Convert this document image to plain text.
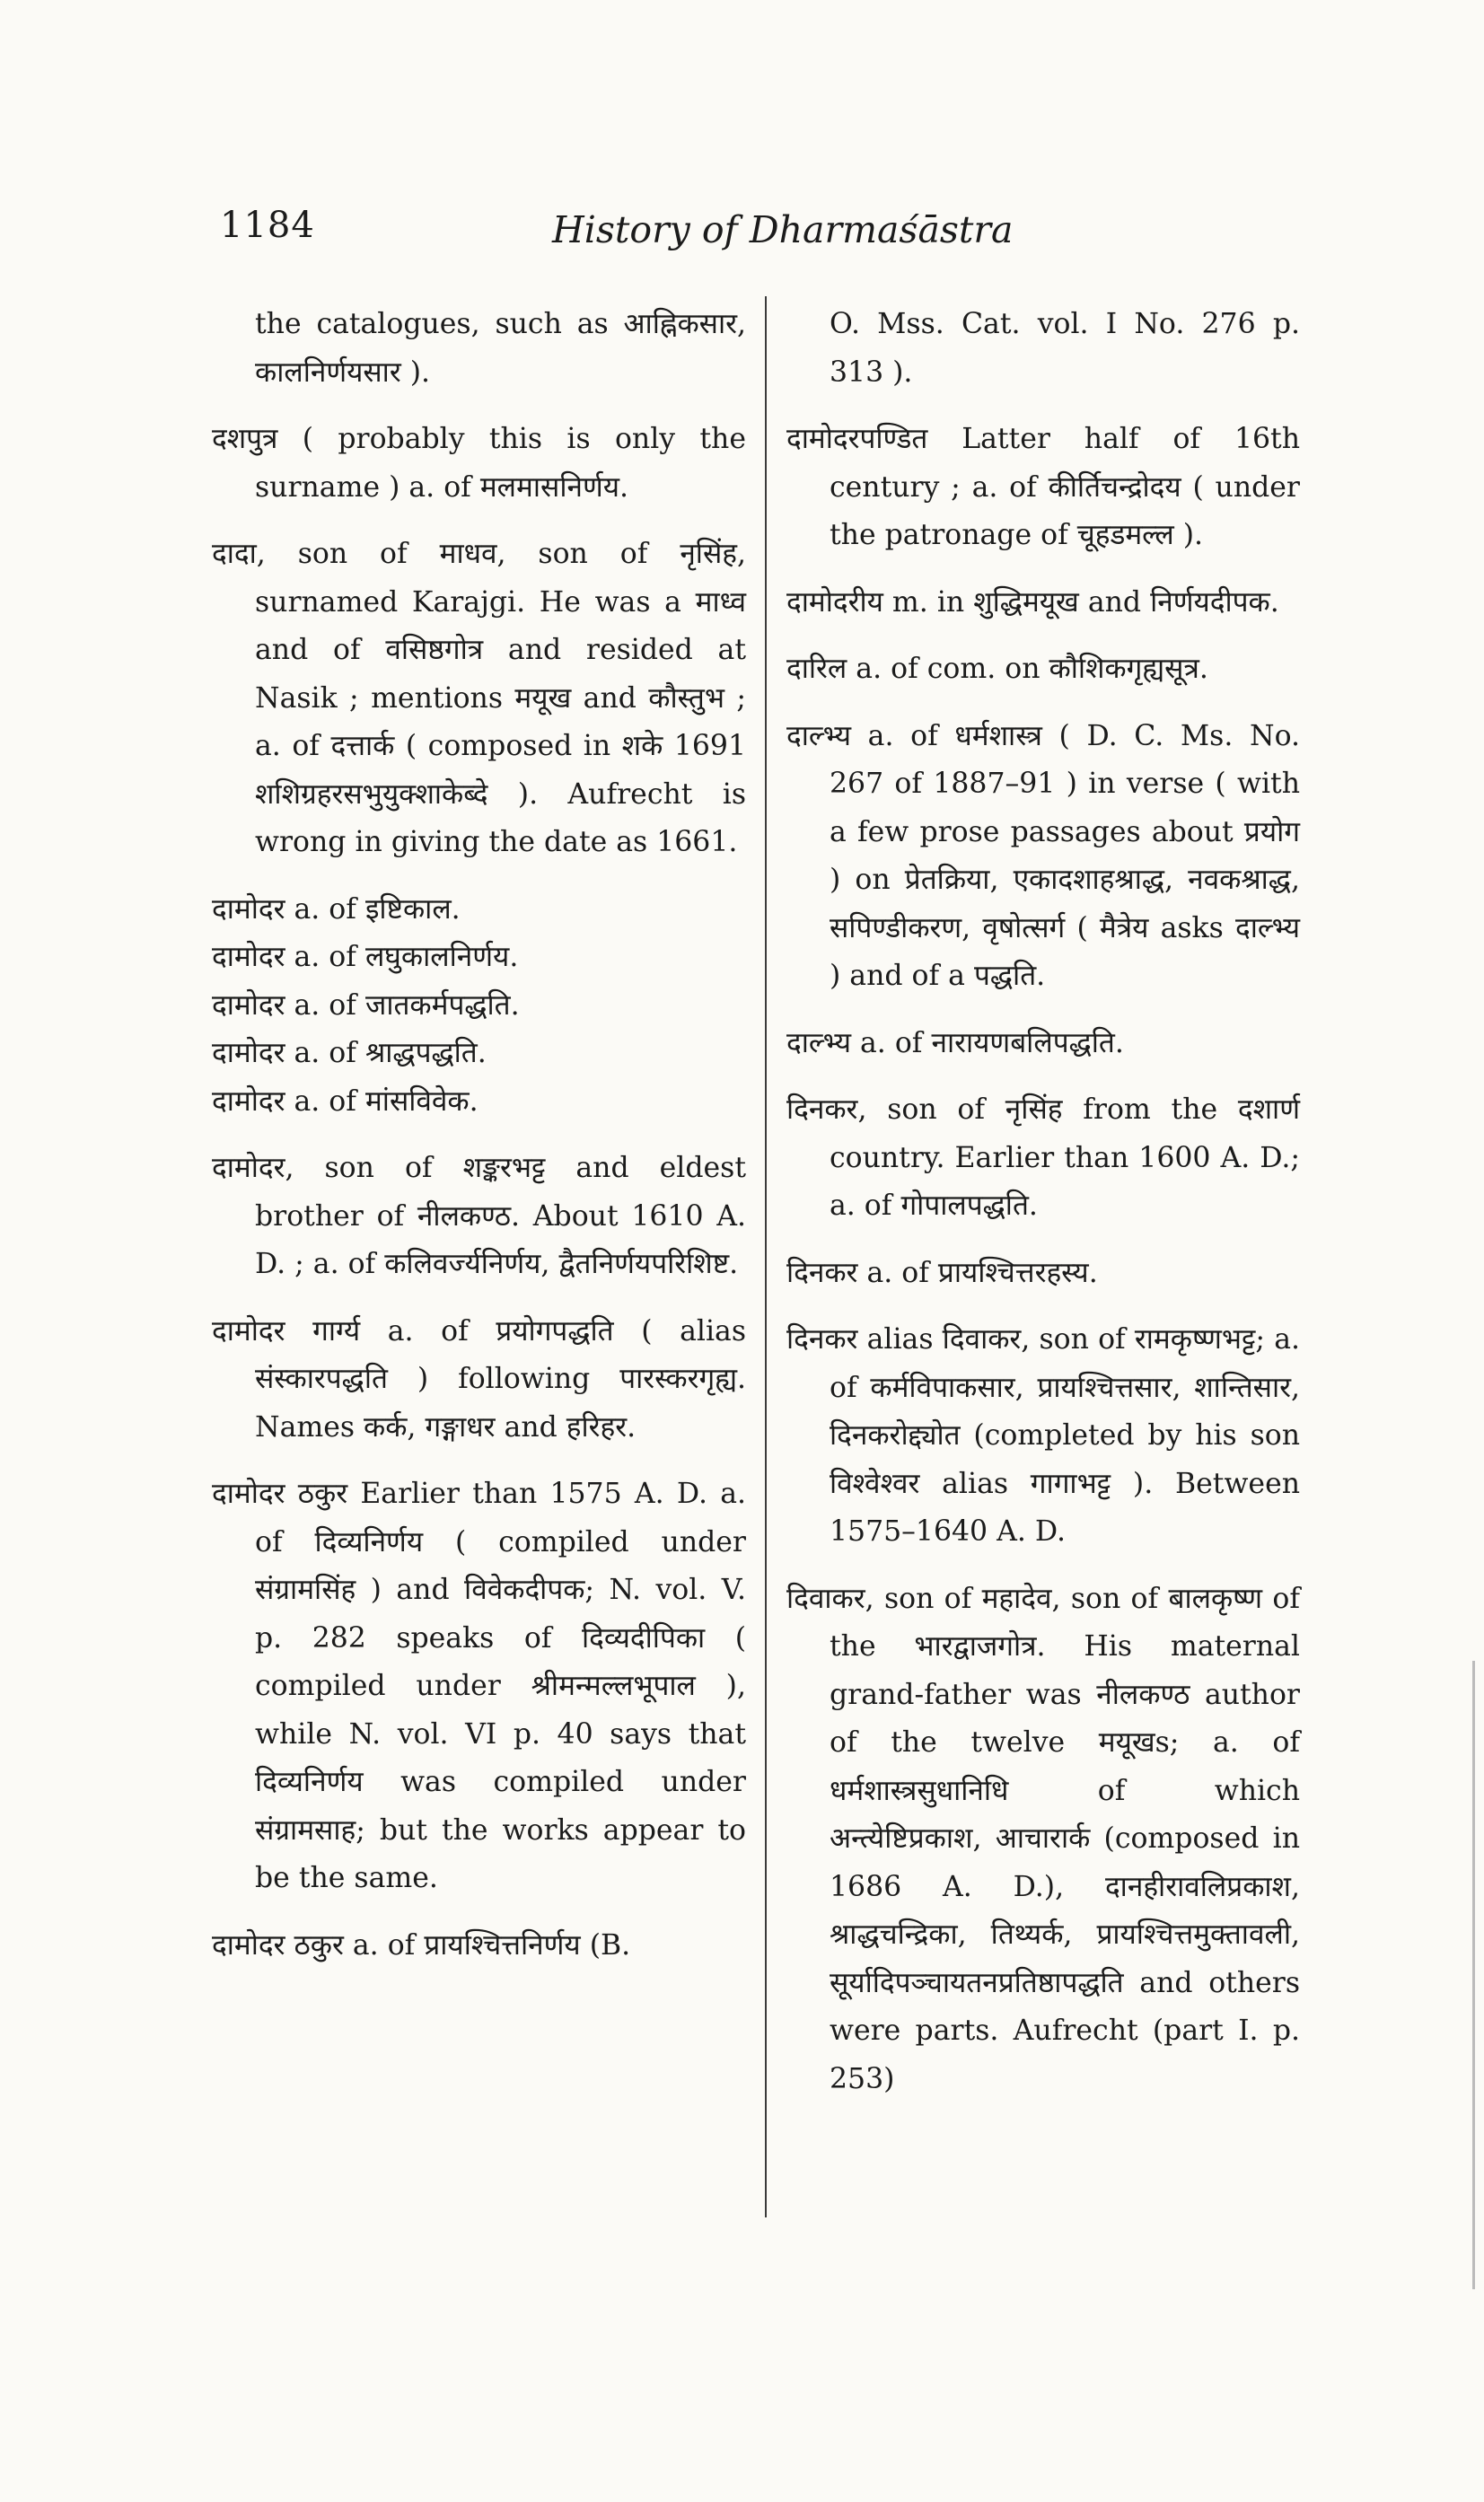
1184	History of Dharmaśāstra

the catalogues, such as आह्निकसार, कालनिर्णयसार ).

दशपुत्र ( probably this is only the surname ) a. of मलमासनिर्णय.

दादा, son of माधव, son of नृसिंह, surnamed Karajgi. He was a माध्व and of वसिष्ठगोत्र and resided at Nasik ; mentions मयूख and कौस्तुभ ; a. of दत्तार्क ( composed in शके 1691 शशिग्रहरसभुयुक्शाकेब्दे ). Aufrecht is wrong in giving the date as 1661.

दामोदर a. of इष्टिकाल.

दामोदर a. of लघुकालनिर्णय.

दामोदर a. of जातकर्मपद्धति.

दामोदर a. of श्राद्धपद्धति.

दामोदर a. of मांसविवेक.

दामोदर, son of शङ्करभट्ट and eldest brother of नीलकण्ठ. About 1610 A. D. ; a. of कलिवर्ज्यनिर्णय, द्वैतनिर्णयपरिशिष्ट.

दामोदर गार्ग्य a. of प्रयोगपद्धति ( alias संस्कारपद्धति ) following पारस्करगृह्य. Names कर्क, गङ्गाधर and हरिहर.

दामोदर ठकुर Earlier than 1575 A. D. a. of दिव्यनिर्णय ( compiled under संग्रामसिंह ) and विवेकदीपक; N. vol. V. p. 282 speaks of दिव्यदीपिका ( compiled under श्रीमन्मल्लभूपाल ), while N. vol. VI p. 40 says that दिव्यनिर्णय was compiled under संग्रामसाह; but the works appear to be the same.

दामोदर ठकुर a. of प्रायश्चित्तनिर्णय (B.

O. Mss. Cat. vol. I No. 276 p. 313 ).

दामोदरपण्डित Latter half of 16th century ; a. of कीर्तिचन्द्रोदय ( under the patronage of चूहडमल्ल ).

दामोदरीय m. in शुद्धिमयूख and निर्णयदीपक.

दारिल a. of com. on कौशिकगृह्यसूत्र.

दाल्भ्य a. of धर्मशास्त्र ( D. C. Ms. No. 267 of 1887–91 ) in verse ( with a few prose passages about प्रयोग ) on प्रेतक्रिया, एकादशाहश्राद्ध, नवकश्राद्ध, सपिण्डीकरण, वृषोत्सर्ग ( मैत्रेय asks दाल्भ्य ) and of a पद्धति.

दाल्भ्य a. of नारायणबलिपद्धति.

दिनकर, son of नृसिंह from the दशार्ण country. Earlier than 1600 A. D.; a. of गोपालपद्धति.

दिनकर a. of प्रायश्चित्तरहस्य.

दिनकर alias दिवाकर, son of रामकृष्णभट्ट; a. of कर्मविपाकसार, प्रायश्चित्तसार, शान्तिसार, दिनकरोद्द्योत (completed by his son विश्वेश्वर alias गागाभट्ट ). Between 1575–1640 A. D.

दिवाकर, son of महादेव, son of बालकृष्ण of the भारद्वाजगोत्र. His maternal grand-father was नीलकण्ठ author of the twelve मयूखs; a. of धर्मशास्त्रसुधानिधि of which अन्त्येष्टिप्रकाश, आचारार्क (composed in 1686 A. D.), दानहीरावलिप्रकाश, श्राद्धचन्द्रिका, तिथ्यर्क, प्रायश्चित्तमुक्तावली, सूर्यादिपञ्चायतनप्रतिष्ठापद्धति and others were parts. Aufrecht (part I. p. 253)
